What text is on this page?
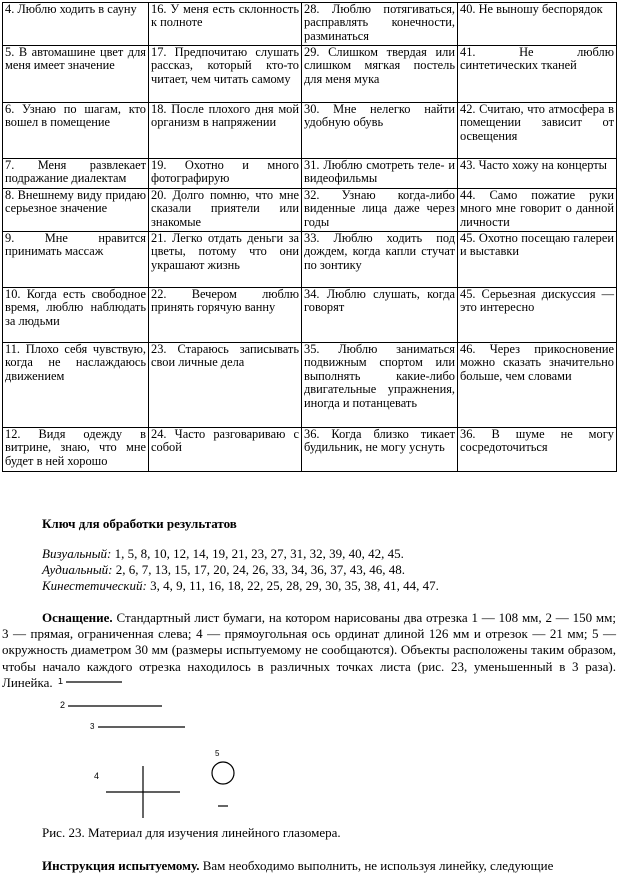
4. Люблю ходить в сауну	16. У меня есть склонность к полноте	28. Люблю потягиваться, расправлять конечности, разминаться	40. Не выношу беспорядок
5. В автомашине цвет для меня имеет значение	17. Предпочитаю слушать рассказ, который кто-то читает, чем читать самому	29. Слишком твердая или слишком мягкая постель для меня мука	41. Не люблю синтетических тканей
6. Узнаю по шагам, кто вошел в помещение	18. После плохого дня мой организм в напряжении	30. Мне нелегко найти удобную обувь	42. Считаю, что атмосфера в помещении зависит от освещения
7. Меня развлекает подражание диалектам	19. Охотно и много фотографирую	31. Люблю смотреть теле- и видеофильмы	43. Часто хожу на концерты
8. Внешнему виду придаю серьезное значение	20. Долго помню, что мне сказали приятели или знакомые	32. Узнаю когда-либо виденные лица даже через годы	44. Само пожатие руки много мне говорит о данной личности
9. Мне нравится принимать массаж	21. Легко отдать деньги за цветы, потому что они украшают жизнь	33. Люблю ходить под дождем, когда капли стучат по зонтику	45. Охотно посещаю галереи и выставки
10. Когда есть свободное время, люблю наблюдать за людьми	22. Вечером люблю принять горячую ванну	34. Люблю слушать, когда говорят	45. Серьезная дискуссия — это интересно
11. Плохо себя чувствую, когда не наслаждаюсь движением	23. Стараюсь записывать свои личные дела	35. Люблю заниматься подвижным спортом или выполнять какие-либо двигательные упражнения, иногда и потанцевать	46. Через прикосновение можно сказать значительно больше, чем словами
12. Видя одежду в витрине, знаю, что мне будет в ней хорошо	24. Часто разговариваю с собой	36. Когда близко тикает будильник, не могу уснуть	36. В шуме не могу сосредоточиться

Ключ для обработки результатов

Визуальный: 1, 5, 8, 10, 12, 14, 19, 21, 23, 27, 31, 32, 39, 40, 42, 45.
Аудиальный: 2, 6, 7, 13, 15, 17, 20, 24, 26, 33, 34, 36, 37, 43, 46, 48.
Кинестетический: 3, 4, 9, 11, 16, 18, 22, 25, 28, 29, 30, 35, 38, 41, 44, 47.

Оснащение. Стандартный лист бумаги, на котором нарисованы два отрезка 1 — 108 мм, 2 — 150 мм; 3 — прямая, ограниченная слева; 4 — прямоугольная ось ординат длиной 126 мм и отрезок — 21 мм; 5 — окружность диаметром 30 мм (размеры испытуемому не сообщаются). Объекты расположены таким образом, чтобы начало каждого отрезка находилось в различных точках листа (рис. 23, уменьшенный в 3 раза). Линейка. 1
2
3
4
5
Рис. 23. Материал для изучения линейного глазомера.

Инструкция испытуемому. Вам необходимо выполнить, не используя линейку, следующие
